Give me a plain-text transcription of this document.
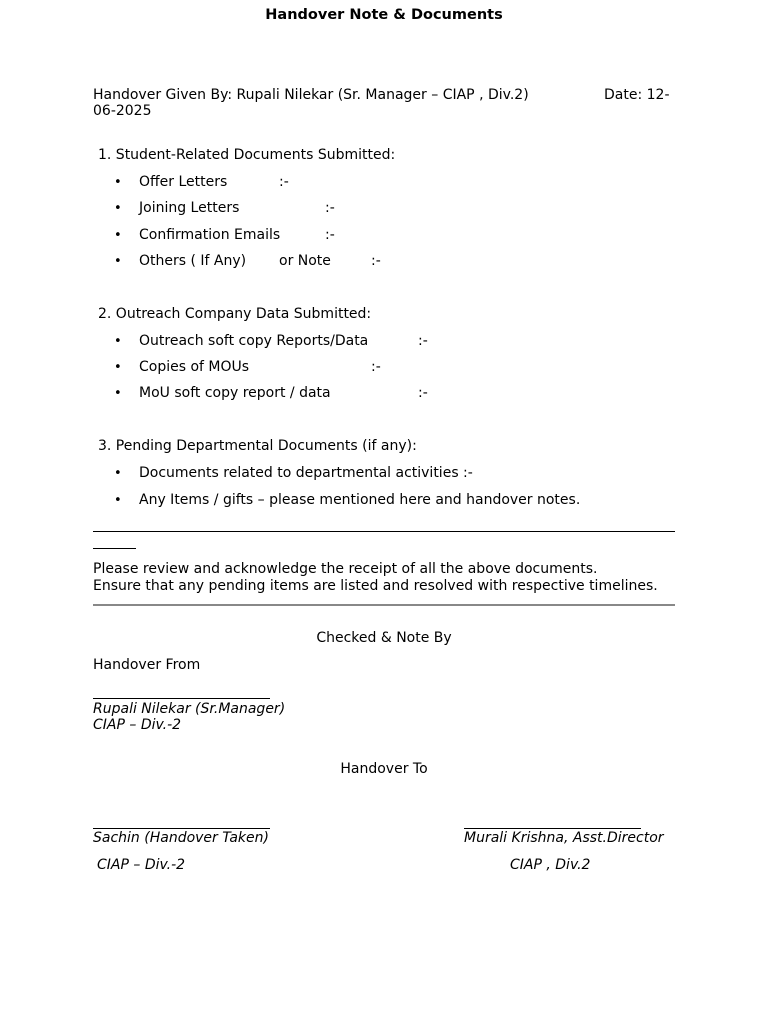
Handover Note & Documents
Handover Given By: Rupali Nilekar (Sr. Manager – CIAP , Div.2)	Date: 12-
06-2025
1. Student-Related Documents Submitted:
• Offer Letters	:-
• Joining Letters	:-
• Confirmation Emails	:-
• Others ( If Any) or Note	:-
2. Outreach Company Data Submitted:
• Outreach soft copy Reports/Data	:-
• Copies of MOUs	:-
• MoU soft copy report / data	:-
3. Pending Departmental Documents (if any):
• Documents related to departmental activities :-
• Any Items / gifts – please mentioned here and handover notes.
Please review and acknowledge the receipt of all the above documents.
Ensure that any pending items are listed and resolved with respective timelines.
Checked & Note By
Handover From
Rupali Nilekar (Sr.Manager)
CIAP – Div.-2
Handover To
Sachin (Handover Taken)
CIAP – Div.-2
Murali Krishna, Asst.Director
CIAP , Div.2
